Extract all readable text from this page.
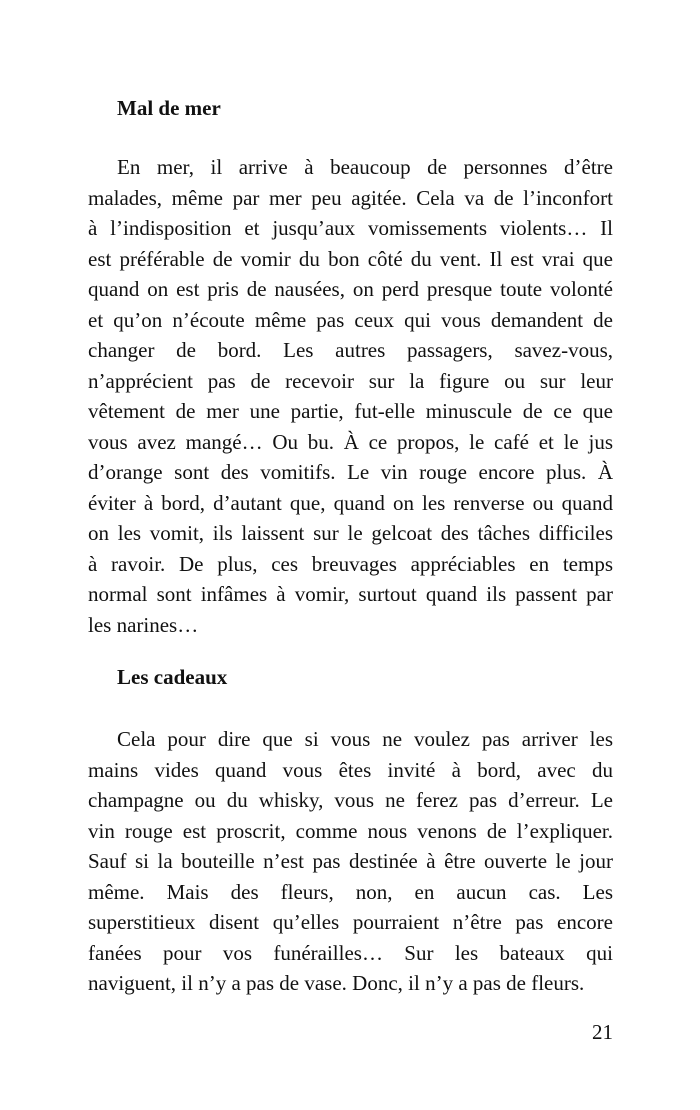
Mal de mer
En mer, il arrive à beaucoup de personnes d’être
malades, même par mer peu agitée. Cela va de l’inconfort
à l’indisposition et jusqu’aux vomissements violents… Il
est préférable de vomir du bon côté du vent. Il est vrai que
quand on est pris de nausées, on perd presque toute volonté
et qu’on n’écoute même pas ceux qui vous demandent de
changer de bord. Les autres passagers, savez-vous,
n’apprécient pas de recevoir sur la figure ou sur leur
vêtement de mer une partie, fut-elle minuscule de ce que
vous avez mangé… Ou bu. À ce propos, le café et le jus
d’orange sont des vomitifs. Le vin rouge encore plus. À
éviter à bord, d’autant que, quand on les renverse ou quand
on les vomit, ils laissent sur le gelcoat des tâches difficiles
à ravoir. De plus, ces breuvages appréciables en temps
normal sont infâmes à vomir, surtout quand ils passent par
les narines…
Les cadeaux
Cela pour dire que si vous ne voulez pas arriver les
mains vides quand vous êtes invité à bord, avec du
champagne ou du whisky, vous ne ferez pas d’erreur. Le
vin rouge est proscrit, comme nous venons de l’expliquer.
Sauf si la bouteille n’est pas destinée à être ouverte le jour
même. Mais des fleurs, non, en aucun cas. Les
superstitieux disent qu’elles pourraient n’être pas encore
fanées pour vos funérailles… Sur les bateaux qui
naviguent, il n’y a pas de vase. Donc, il n’y a pas de fleurs.

21
